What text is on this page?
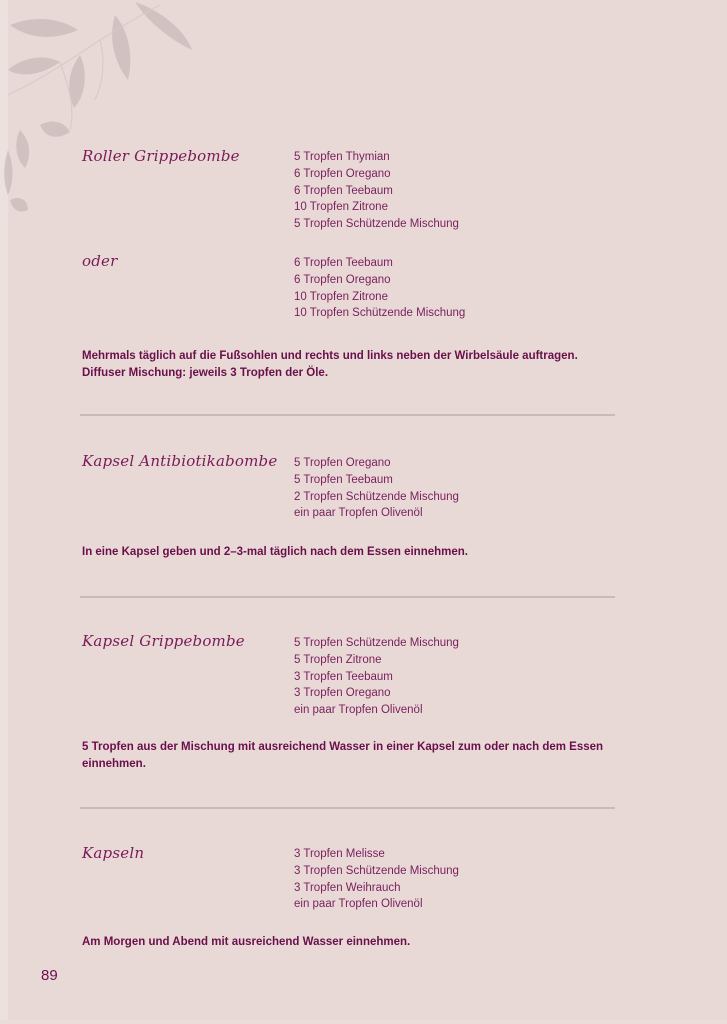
Roller Grippebombe	5 Tropfen Thymian
6 Tropfen Oregano
6 Tropfen Teebaum
10 Tropfen Zitrone
5 Tropfen Schützende Mischung
oder	6 Tropfen Teebaum
6 Tropfen Oregano
10 Tropfen Zitrone
10 Tropfen Schützende Mischung
Mehrmals täglich auf die Fußsohlen und rechts und links neben der Wirbelsäule auftragen.
Diffuser Mischung: jeweils 3 Tropfen der Öle.
Kapsel Antibiotikabombe 5 Tropfen Oregano
5 Tropfen Teebaum
2 Tropfen Schützende Mischung
ein paar Tropfen Olivenöl
In eine Kapsel geben und 2–3-mal täglich nach dem Essen einnehmen.
Kapsel Grippebombe	5 Tropfen Schützende Mischung
5 Tropfen Zitrone
3 Tropfen Teebaum
3 Tropfen Oregano
ein paar Tropfen Olivenöl
5 Tropfen aus der Mischung mit ausreichend Wasser in einer Kapsel zum oder nach dem Essen
einnehmen.
Kapseln	3 Tropfen Melisse
3 Tropfen Schützende Mischung
3 Tropfen Weihrauch
ein paar Tropfen Olivenöl
Am Morgen und Abend mit ausreichend Wasser einnehmen.
89
